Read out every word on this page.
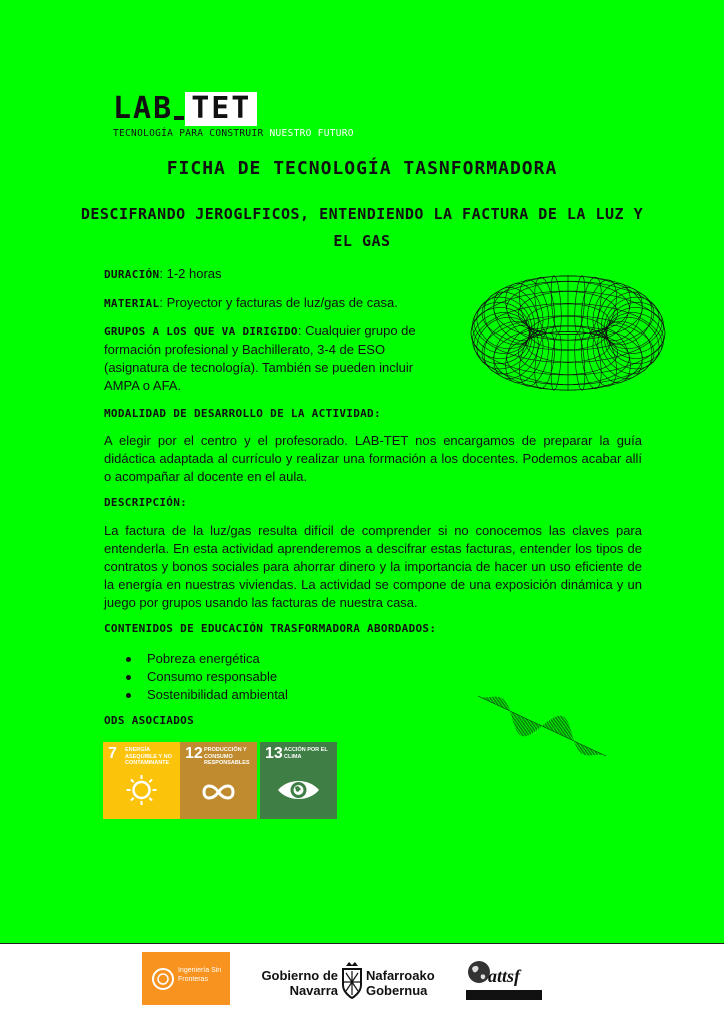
LAB TET
TECNOLOGÍA PARA CONSTRUIR NUESTRO FUTURO
FICHA DE TECNOLOGÍA TASNFORMADORA
DESCIFRANDO JEROGLFICOS, ENTENDIENDO LA FACTURA DE LA LUZ Y EL GAS
DURACIÓN: 1-2 horas
MATERIAL: Proyector y facturas de luz/gas de casa.
GRUPOS A LOS QUE VA DIRIGIDO: Cualquier grupo de formación profesional y Bachillerato, 3-4 de ESO (asignatura de tecnología). También se pueden incluir AMPA o AFA.
MODALIDAD DE DESARROLLO DE LA ACTIVIDAD:
A elegir por el centro y el profesorado. LAB-TET nos encargamos de preparar la guía didáctica adaptada al currículo y realizar una formación a los docentes. Podemos acabar allí o acompañar al docente en el aula.
DESCRIPCIÓN:
La factura de la luz/gas resulta difícil de comprender si no conocemos las claves para entenderla. En esta actividad aprenderemos a descifrar estas facturas, entender los tipos de contratos y bonos sociales para ahorrar dinero y la importancia de hacer un uso eficiente de la energía en nuestras viviendas. La actividad se compone de una exposición dinámica y un juego por grupos usando las facturas de nuestra casa.
CONTENIDOS DE EDUCACIÓN TRASFORMADORA ABORDADOS:
Pobreza energética
Consumo responsable
Sostenibilidad ambiental
ODS ASOCIADOS
7 ENERGÍA ASEQUIBLE Y NO CONTAMINANTE
12 PRODUCCIÓN Y CONSUMO RESPONSABLES
13 ACCIÓN POR EL CLIMA
Ingeniería Sin Fronteras	Gobierno de Navarra
Nafarroako Gobernua
attsf
